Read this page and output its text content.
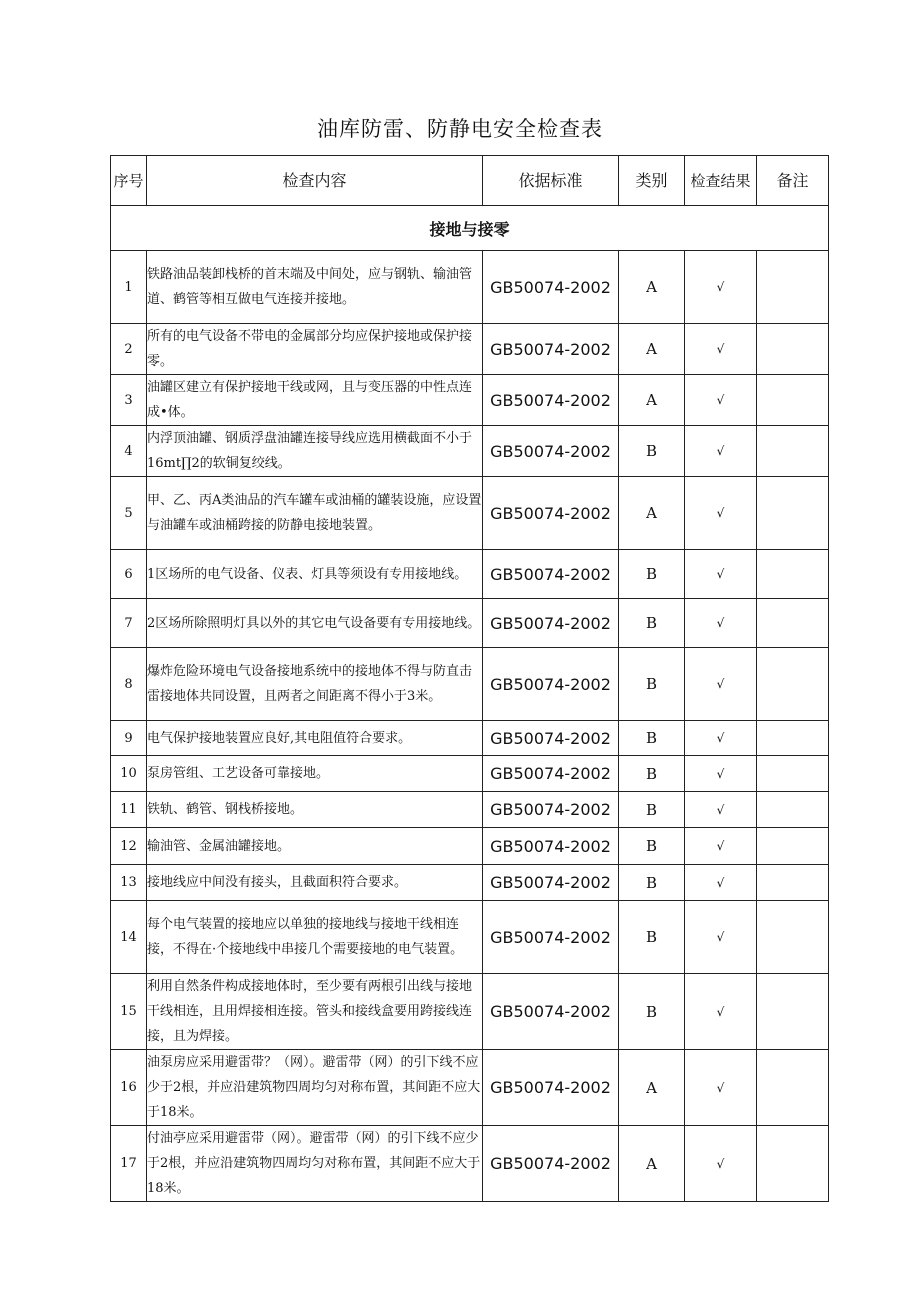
油库防雷、防静电安全检查表
序号	检查内容	依据标准	类别	检查结果	备注
接地与接零					
1	铁路油品装卸栈桥的首末端及中间处，应与钢轨、输油管道、鹤管等相互做电气连接并接地。	GB50074-2002	A	√	
2	所有的电气设备不带电的金属部分均应保护接地或保护接零。	GB50074-2002	A	√	
3	油罐区建立有保护接地干线或网，且与变压器的中性点连成•体。	GB50074-2002	A	√	
4	内浮顶油罐、钢质浮盘油罐连接导线应选用横截面不小于16mt∏2的软铜复绞线。	GB50074-2002	B	√	
5	甲、乙、丙A类油品的汽车罐车或油桶的罐装设施，应设置与油罐车或油桶跨接的防静电接地装置。	GB50074-2002	A	√	
6	1区场所的电气设备、仪表、灯具等须设有专用接地线。	GB50074-2002	B	√	
7	2区场所除照明灯具以外的其它电气设备要有专用接地线。	GB50074-2002	B	√	
8	爆炸危险环境电气设备接地系统中的接地体不得与防直击雷接地体共同设置，且两者之间距离不得小于3米。	GB50074-2002	B	√	
9	电气保护接地装置应良好,其电阻值符合要求。	GB50074-2002	B	√	
10	泵房管组、工艺设备可靠接地。	GB50074-2002	B	√	
11	铁轨、鹤管、钢栈桥接地。	GB50074-2002	B	√	
12	输油管、金属油罐接地。	GB50074-2002	B	√	
13	接地线应中间没有接头，且截面积符合要求。	GB50074-2002	B	√	
14	每个电气装置的接地应以单独的接地线与接地干线相连接，不得在·个接地线中串接几个需要接地的电气装置。	GB50074-2002	B	√	
15	利用自然条件构成接地体时，至少要有两根引出线与接地干线相连，且用焊接相连接。管头和接线盒要用跨接线连接，且为焊接。	GB50074-2002	B	√	
16	油泵房应采用避雷带？（网）。避雷带（网）的引下线不应少于2根，并应沿建筑物四周均匀对称布置，其间距不应大于18米。	GB50074-2002	A	√	
17	付油亭应采用避雷带（网）。避雷带（网）的引下线不应少于2根，并应沿建筑物四周均匀对称布置，其间距不应大于18米。	GB50074-2002	A	√	
